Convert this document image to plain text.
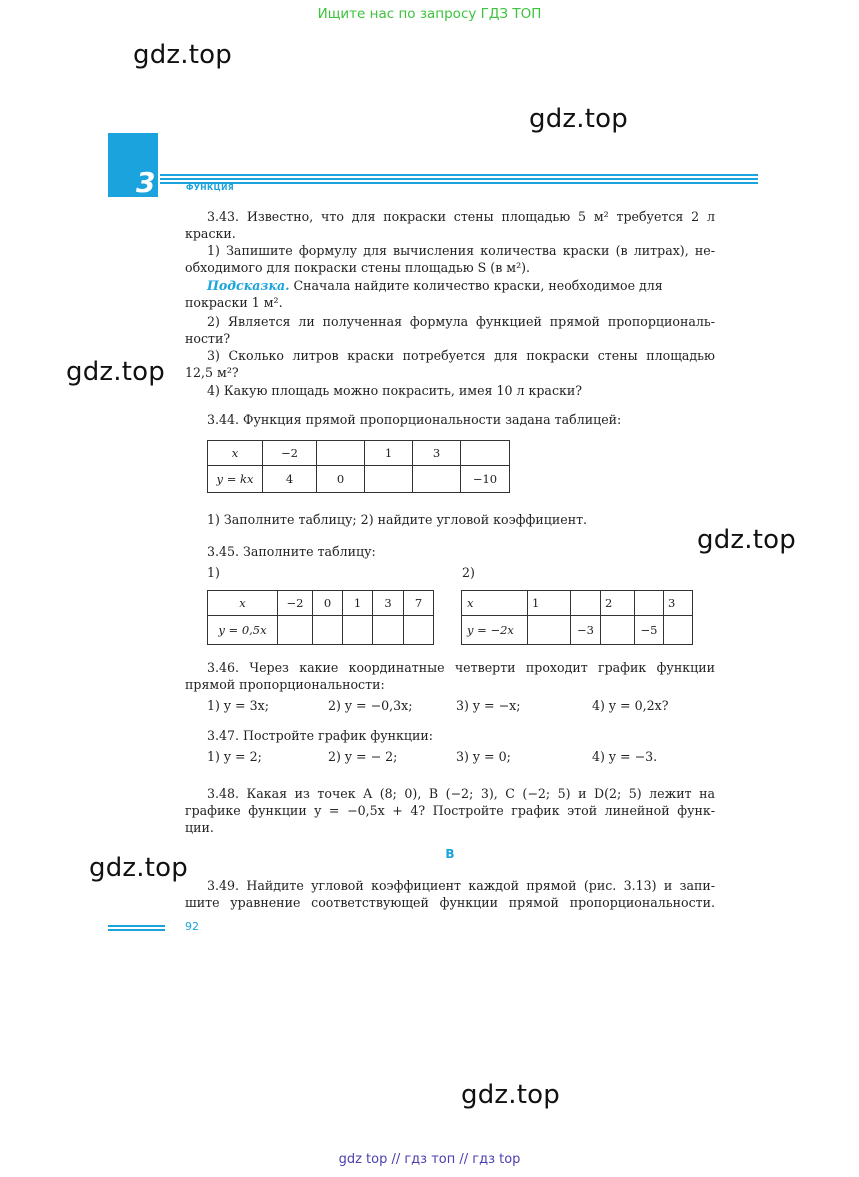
Ищите нас по запросу ГДЗ ТОП
gdz.top
gdz.top
gdz.top
gdz.top
gdz.top
gdz.top
3	ФУНКЦИЯ
3.43. Известно, что для покраски стены площадью 5 м² требуется 2 л
краски.
1) Запишите формулу для вычисления количества краски (в литрах), не-
обходимого для покраски стены площадью S (в м²).
Подсказка. Сначала найдите количество краски, необходимое для
покраски 1 м².
2) Является ли полученная формула функцией прямой пропорциональ-
ности?
3) Сколько литров краски потребуется для покраски стены площадью
12,5 м²?
4) Какую площадь можно покрасить, имея 10 л краски?
3.44. Функция прямой пропорциональности задана таблицей:
x	−2		1	3	
y = kx	4	0			−10
1) Заполните таблицу; 2) найдите угловой коэффициент.
3.45. Заполните таблицу:
1)	2)
x	−2	0	1	3	7
y = 0,5x					
x	1		2		3
y = −2x		−3		−5	
3.46. Через какие координатные четверти проходит график функции
прямой пропорциональности:
1) y = 3x;	2) y = −0,3x;	3) y = −x;	4) y = 0,2x?
3.47. Постройте график функции:
1) y = 2;	2) y = − 2;	3) y = 0;	4) y = −3.
3.48. Какая из точек A (8; 0), B (−2; 3), C (−2; 5) и D(2; 5) лежит на
графике функции y = −0,5x + 4? Постройте график этой линейной функ-
ции.
B
3.49. Найдите угловой коэффициент каждой прямой (рис. 3.13) и запи-
шите уравнение соответствующей функции прямой пропорциональности.
92
gdz top // гдз топ // гдз top
